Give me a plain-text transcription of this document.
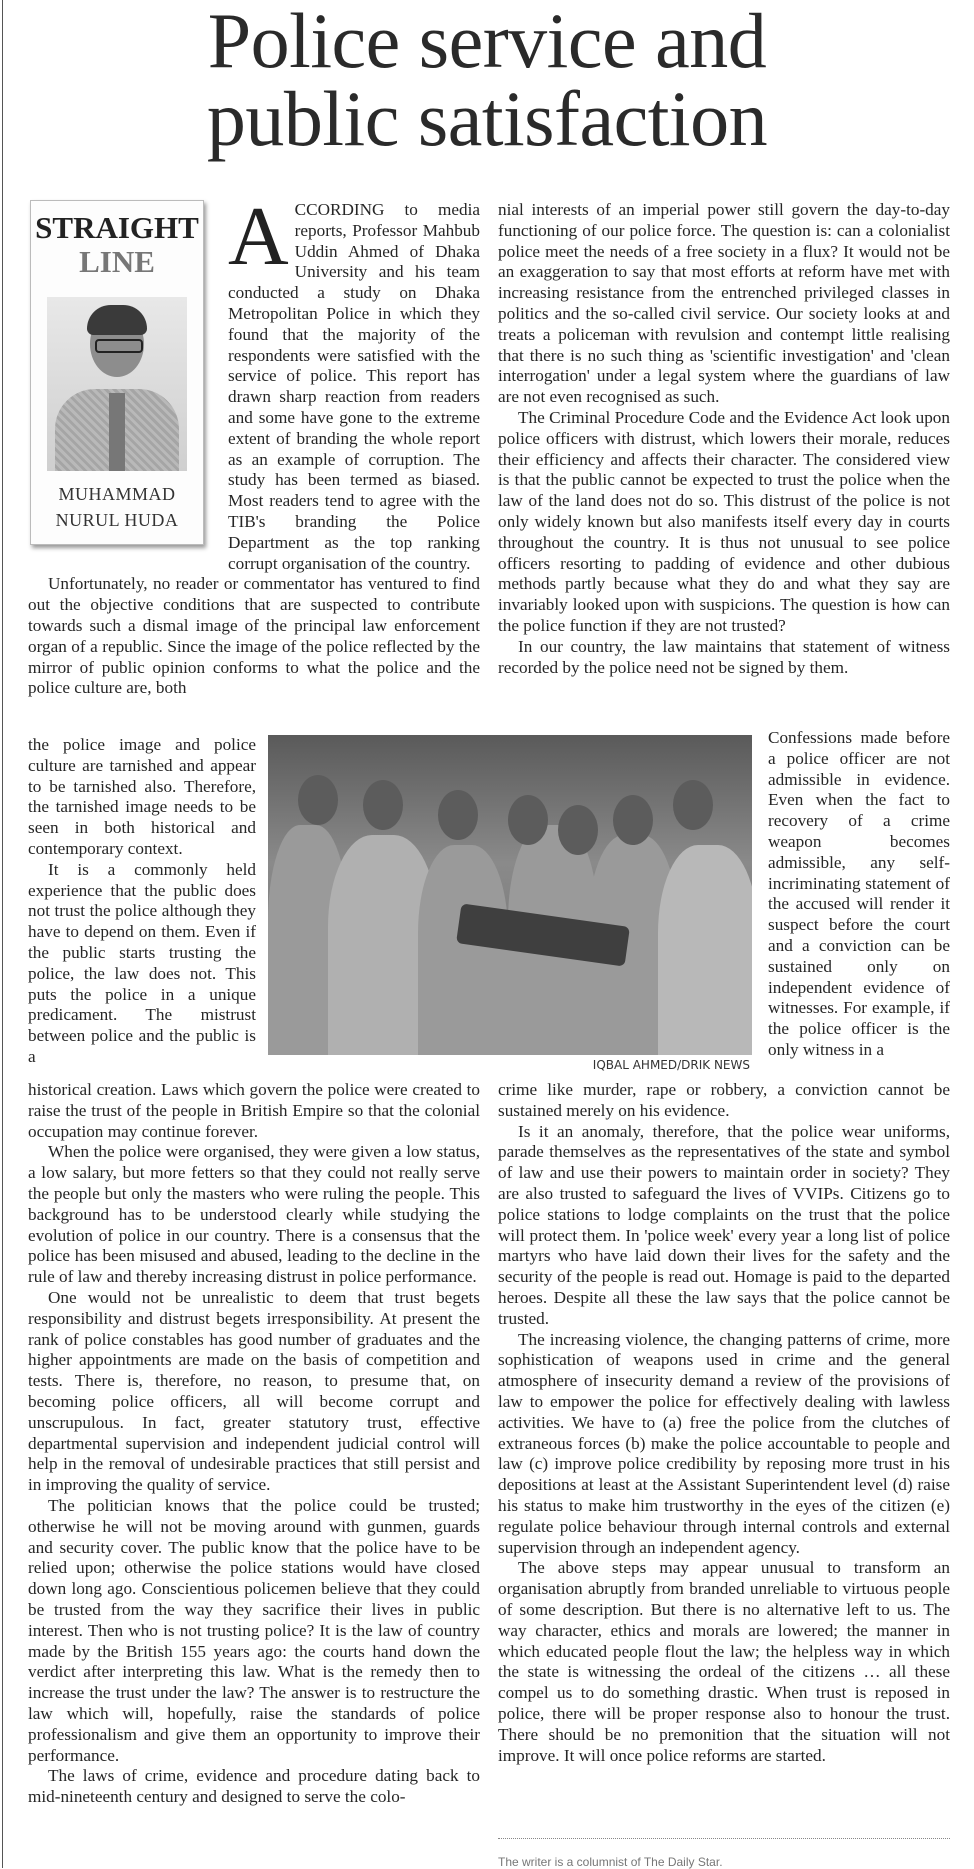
Police service and
public satisfaction
STRAIGHT
LINE
MUHAMMAD
NURUL HUDA
A CCORDING to media reports, Professor Mahbub Uddin Ahmed of Dhaka University and his team conducted a study on Dhaka Metropolitan Police in which they found that the majority of the respondents were satisfied with the service of police. This report has drawn sharp reaction from readers and some have gone to the extreme extent of branding the whole report as an example of corruption. The study has been termed as biased. Most readers tend to agree with the TIB's branding the Police Department as the top ranking corrupt organisation of the country.

Unfortunately, no reader or commentator has ventured to find out the objective conditions that are suspected to contribute towards such a dismal image of the principal law enforcement organ of a republic. Since the image of the police reflected by the mirror of public opinion conforms to what the police and the police culture are, both

the police image and police culture are tarnished and appear to be tarnished also. Therefore, the tarnished image needs to be seen in both historical and contemporary context.

It is a commonly held experience that the public does not trust the police although they have to depend on them. Even if the public starts trusting the police, the law does not. This puts the police in a unique predicament. The mistrust between police and the public is a

historical creation. Laws which govern the police were created to raise the trust of the people in British Empire so that the colonial occupation may continue forever.

When the police were organised, they were given a low status, a low salary, but more fetters so that they could not really serve the people but only the masters who were ruling the people. This background has to be understood clearly while studying the evolution of police in our country. There is a consensus that the police has been misused and abused, leading to the decline in the rule of law and thereby increasing distrust in police performance.

One would not be unrealistic to deem that trust begets responsibility and distrust begets irresponsibility. At present the rank of police constables has good number of graduates and the higher appointments are made on the basis of competition and tests. There is, therefore, no reason, to presume that, on becoming police officers, all will become corrupt and unscrupulous. In fact, greater statutory trust, effective departmental supervision and independent judicial control will help in the removal of undesirable practices that still persist and in improving the quality of service.

The politician knows that the police could be trusted; otherwise he will not be moving around with gunmen, guards and security cover. The public know that the police have to be relied upon; otherwise the police stations would have closed down long ago. Conscientious policemen believe that they could be trusted from the way they sacrifice their lives in public interest. Then who is not trusting police? It is the law of country made by the British 155 years ago: the courts hand down the verdict after interpreting this law. What is the remedy then to increase the trust under the law? The answer is to restructure the law which will, hopefully, raise the standards of police professionalism and give them an opportunity to improve their performance.

The laws of crime, evidence and procedure dating back to mid-nineteenth century and designed to serve the colo-

IQBAL AHMED/DRIK NEWS

nial interests of an imperial power still govern the day-to-day functioning of our police force. The question is: can a colonialist police meet the needs of a free society in a flux? It would not be an exaggeration to say that most efforts at reform have met with increasing resistance from the entrenched privileged classes in politics and the so-called civil service. Our society looks at and treats a policeman with revulsion and contempt little realising that there is no such thing as 'scientific investigation' and 'clean interrogation' under a legal system where the guardians of law are not even recognised as such.

The Criminal Procedure Code and the Evidence Act look upon police officers with distrust, which lowers their morale, reduces their efficiency and affects their character. The considered view is that the public cannot be expected to trust the police when the law of the land does not do so. This distrust of the police is not only widely known but also manifests itself every day in courts throughout the country. It is thus not unusual to see police officers resorting to padding of evidence and other dubious methods partly because what they do and what they say are invariably looked upon with suspicions. The question is how can the police function if they are not trusted?

In our country, the law maintains that statement of witness recorded by the police need not be signed by them.

Confessions made before a police officer are not admissible in evidence. Even when the fact to recovery of a crime weapon becomes admissible, any self-incriminating statement of the accused will render it suspect before the court and a conviction can be sustained only on independent evidence of witnesses. For example, if the police officer is the only witness in a

crime like murder, rape or robbery, a conviction cannot be sustained merely on his evidence.

Is it an anomaly, therefore, that the police wear uniforms, parade themselves as the representatives of the state and symbol of law and use their powers to maintain order in society? They are also trusted to safeguard the lives of VVIPs. Citizens go to police stations to lodge complaints on the trust that the police will protect them. In 'police week' every year a long list of police martyrs who have laid down their lives for the safety and the security of the people is read out. Homage is paid to the departed heroes. Despite all these the law says that the police cannot be trusted.

The increasing violence, the changing patterns of crime, more sophistication of weapons used in crime and the general atmosphere of insecurity demand a review of the provisions of law to empower the police for effectively dealing with lawless activities. We have to (a) free the police from the clutches of extraneous forces (b) make the police accountable to people and law (c) improve police credibility by reposing more trust in his depositions at least at the Assistant Superintendent level (d) raise his status to make him trustworthy in the eyes of the citizen (e) regulate police behaviour through internal controls and external supervision through an independent agency.

The above steps may appear unusual to transform an organisation abruptly from branded unreliable to virtuous people of some description. But there is no alternative left to us. The way character, ethics and morals are lowered; the manner in which educated people flout the law; the helpless way in which the state is witnessing the ordeal of the citizens … all these compel us to do something drastic. When trust is reposed in police, there will be proper response also to honour the trust. There should be no premonition that the situation will not improve. It will once police reforms are started.

The writer is a columnist of The Daily Star.
